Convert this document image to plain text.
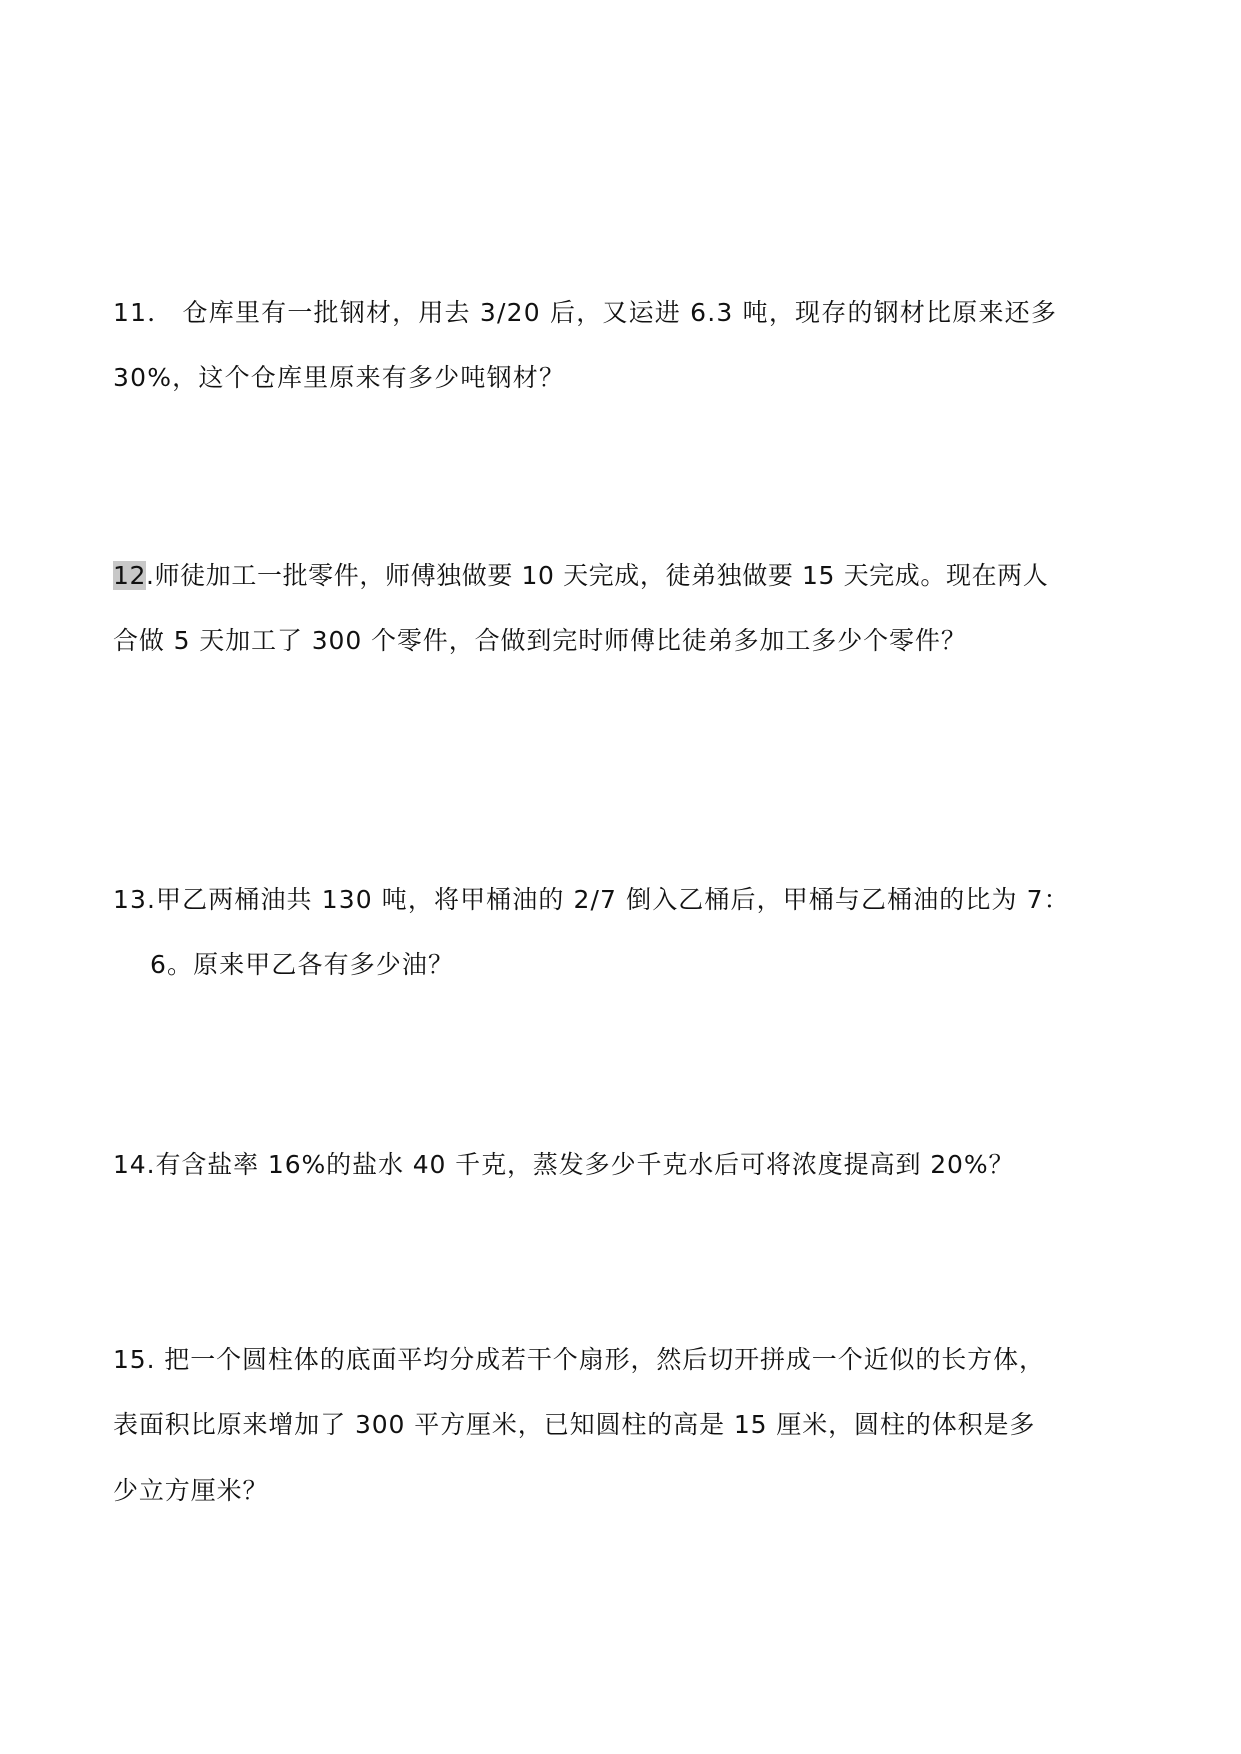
11． 仓库里有一批钢材，用去 3/20 后，又运进 6.3 吨，现存的钢材比原来还多
30%，这个仓库里原来有多少吨钢材？
12.师徒加工一批零件，师傅独做要 10 天完成，徒弟独做要 15 天完成。现在两人
合做 5 天加工了 300 个零件，合做到完时师傅比徒弟多加工多少个零件？
13.甲乙两桶油共 130 吨，将甲桶油的 2/7 倒入乙桶后，甲桶与乙桶油的比为 7：
6。原来甲乙各有多少油？
14.有含盐率 16%的盐水 40 千克，蒸发多少千克水后可将浓度提高到 20%？
15. 把一个圆柱体的底面平均分成若干个扇形，然后切开拼成一个近似的长方体，
表面积比原来增加了 300 平方厘米，已知圆柱的高是 15 厘米，圆柱的体积是多
少立方厘米？
